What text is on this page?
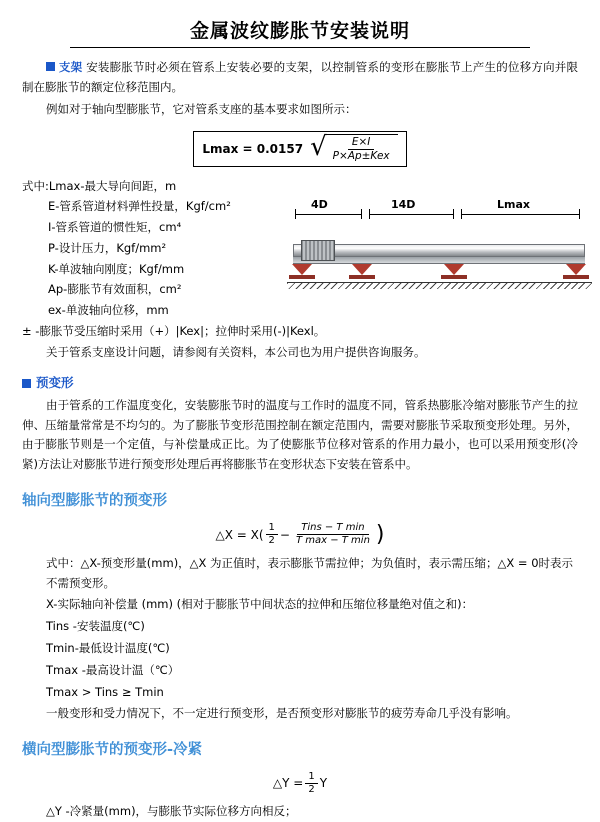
金属波纹膨胀节安装说明

支架 安装膨胀节时必须在管系上安装必要的支架，以控制管系的变形在膨胀节上产生的位移方向并限制在膨胀节的额定位移范围内。

例如对于轴向型膨胀节，它对管系支座的基本要求如图所示：

Lmax = 0.0157 √ $\frac{E\times I}{\text{P×Ap±Kex}}$
式中:Lmax-最大导向间距，m
E-管系管道材料弹性投量，Kgf/cm²
I-管系管道的惯性矩，cm⁴
P-设计压力，Kgf/mm²
K-单波轴向刚度；Kgf/mm
Ap-膨胀节有效面积，cm²
ex-单波轴向位移，mm
± -膨胀节受压缩时采用（+）|Kex|；拉伸时采用(-)|Kexl。

关于管系支座设计问题，请参阅有关资料，本公司也为用户提供咨询服务。

预变形

由于管系的工作温度变化，安装膨胀节时的温度与工作时的温度不同，管系热膨胀冷缩对膨胀节产生的拉伸、压缩量常常是不均匀的。为了膨胀节变形范围控制在额定范围内，需要对膨胀节采取预变形处理。另外，由于膨胀节则是一个定值，与补偿量成正比。为了使膨胀节位移对管系的作用力最小，也可以采用预变形(冷紧)方法让对膨胀节进行预变形处理后再将膨胀节在变形状态下安装在管系中。

轴向型膨胀节的预变形
△X = $X( \frac{1}{2} - \frac{\text{Tins − T min}}{\text{T max − T min}}$ )
式中：△X-预变形量(mm)，△X 为正值时，表示膨胀节需拉伸；为负值时，表示需压缩；△X = 0时表示不需预变形。
X-实际轴向补偿量 (mm) (相对于膨胀节中间状态的拉伸和压缩位移量绝对值之和)：
Tins -安装温度(℃)
Tmin-最低设计温度(℃)
Tmax -最高设计温（℃）
Tmax > Tins ≥ Tmin
一般变形和受力情况下，不一定进行预变形，是否预变形对膨胀节的疲劳寿命几乎没有影响。
横向型膨胀节的预变形-冷紧
△Y = $\frac{1}{2}$ Y
△Y -冷紧量(mm)，与膨胀节实际位移方向相反；
4D	14D	Lmax
